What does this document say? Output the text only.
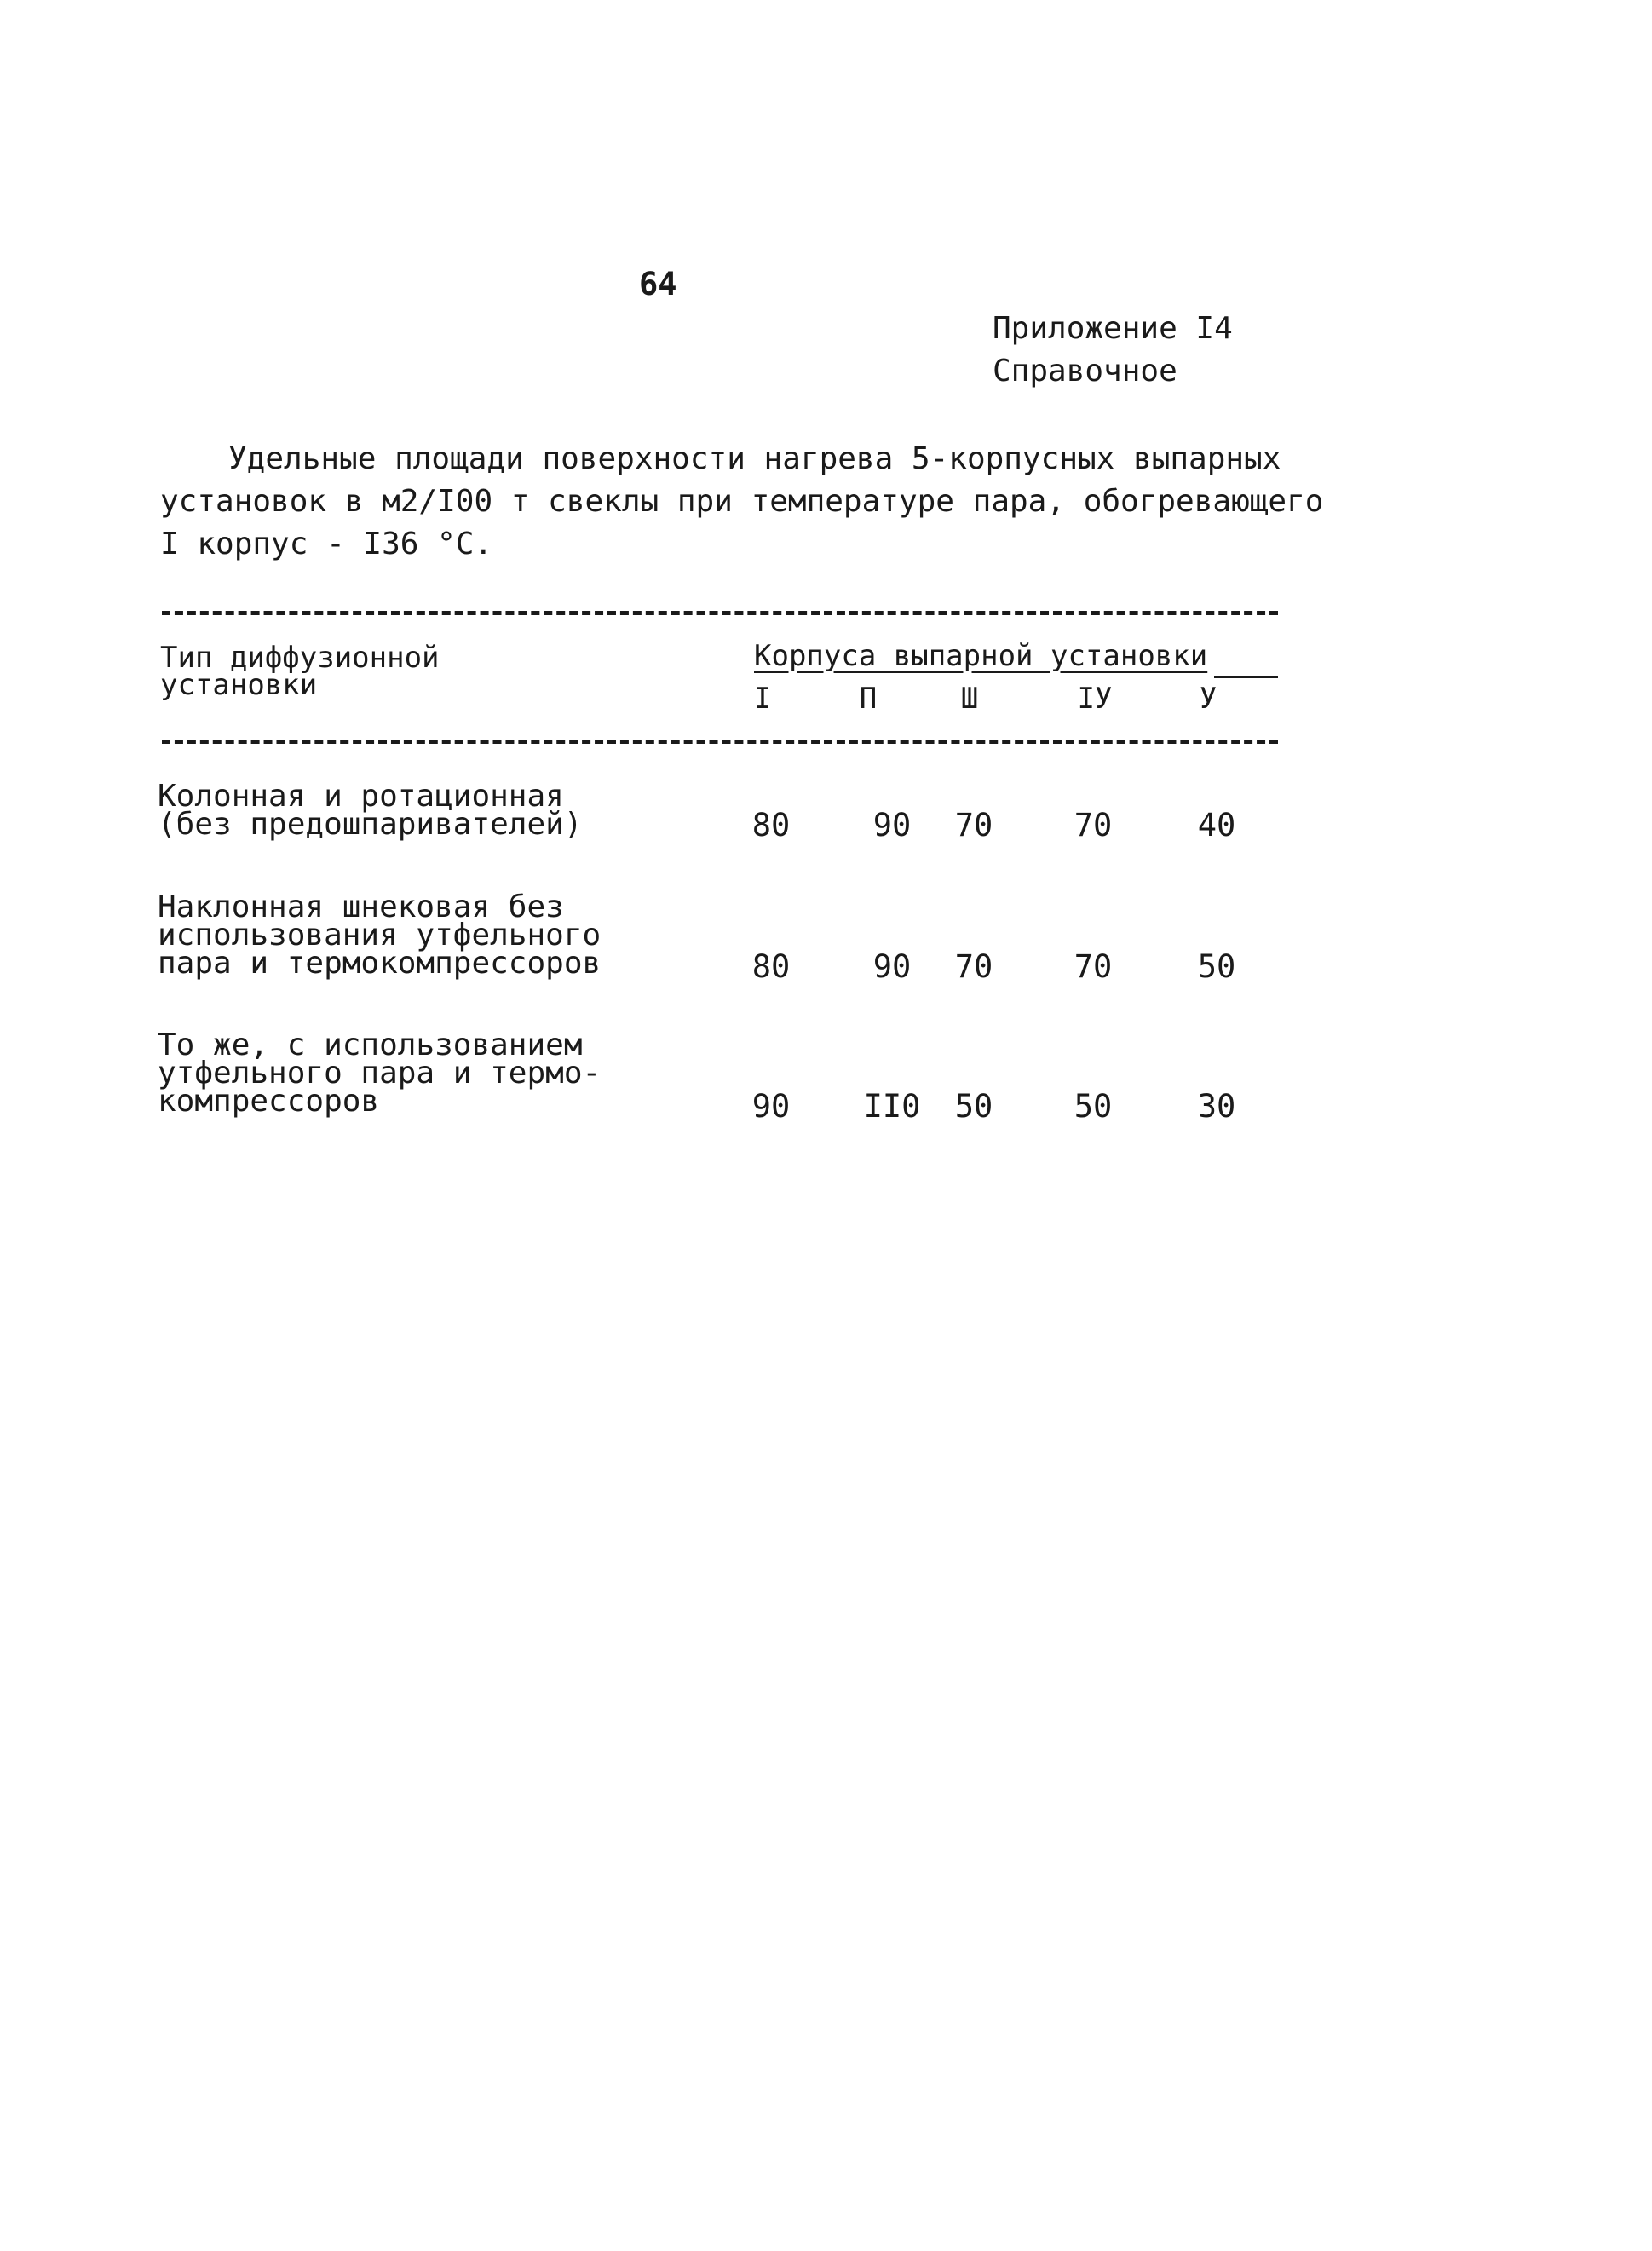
64
Приложение I4
Справочное
Удельные площади поверхности нагрева 5-корпусных выпарных
установок в м2/I00 т свеклы при температуре пара, обогревающего
I корпус - I36 °С.
Тип диффузионной
установки
Корпуса выпарной установки
I	П	Ш	IУ	У
Колонная и ротационная
(без предошпаривателей)	80	90	70	70	40
Наклонная шнековая без
использования утфельного
пара и термокомпрессоров	80	90	70	70	50
То же, с использованием
утфельного пара и термо-
компрессоров	90	II0	50	50	30
